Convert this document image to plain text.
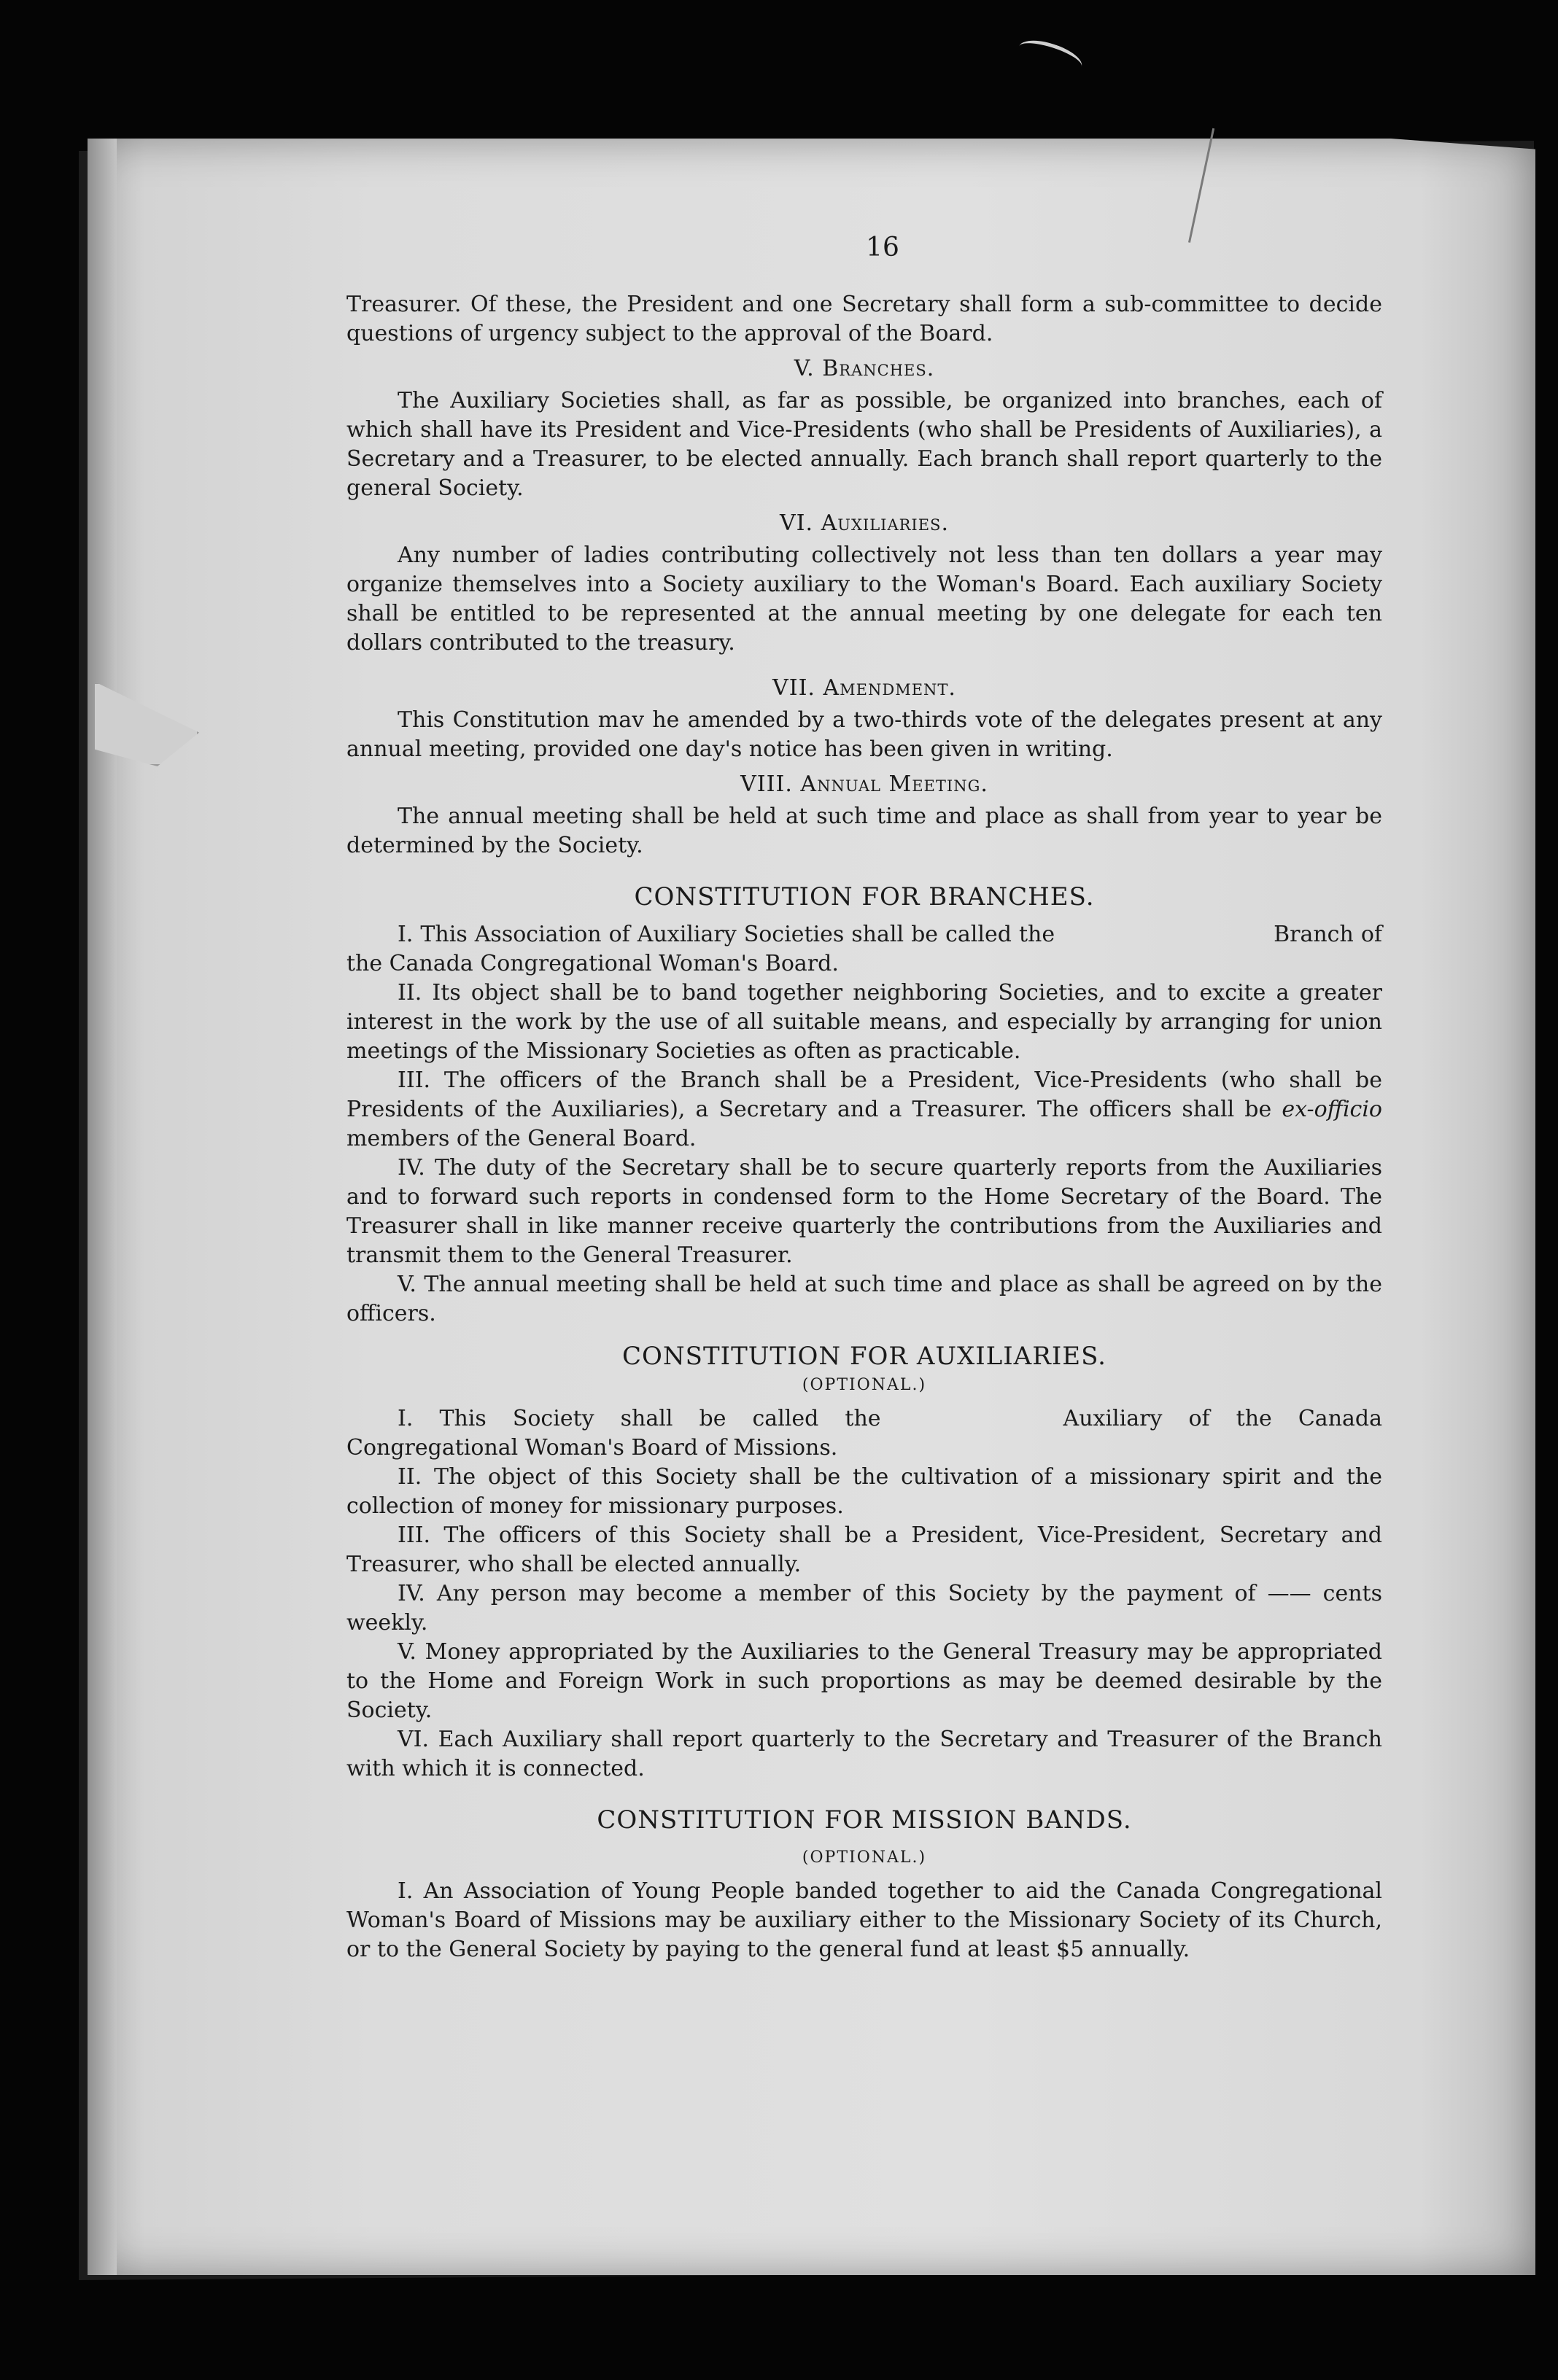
16

Treasurer. Of these, the President and one Secretary shall form a sub-committee to decide questions of urgency subject to the approval of the Board.

V. Branches.

The Auxiliary Societies shall, as far as possible, be organized into branches, each of which shall have its President and Vice-Presidents (who shall be Presidents of Auxiliaries), a Secretary and a Treasurer, to be elected annually. Each branch shall report quarterly to the general Society.

VI. Auxiliaries.

Any number of ladies contributing collectively not less than ten dollars a year may organize themselves into a Society auxiliary to the Woman's Board. Each auxiliary Society shall be entitled to be represented at the annual meeting by one delegate for each ten dollars contributed to the treasury.

VII. Amendment.

This Constitution mav he amended by a two-thirds vote of the delegates present at any annual meeting, provided one day's notice has been given in writing.

VIII. Annual Meeting.

The annual meeting shall be held at such time and place as shall from year to year be determined by the Society.

CONSTITUTION FOR BRANCHES.

I. This Association of Auxiliary Societies shall be called the	Branch of the Canada Congregational Woman's Board.

II. Its object shall be to band together neighboring Societies, and to excite a greater interest in the work by the use of all suitable means, and especially by arranging for union meetings of the Missionary Societies as often as practicable.

III. The officers of the Branch shall be a President, Vice-Presidents (who shall be Presidents of the Auxiliaries), a Secretary and a Treasurer. The officers shall be ex-officio members of the General Board.

IV. The duty of the Secretary shall be to secure quarterly reports from the Auxiliaries and to forward such reports in condensed form to the Home Secretary of the Board. The Treasurer shall in like manner receive quarterly the contributions from the Auxiliaries and transmit them to the General Treasurer.

V. The annual meeting shall be held at such time and place as shall be agreed on by the officers.

CONSTITUTION FOR AUXILIARIES.
(OPTIONAL.)

I. This Society shall be called the	Auxiliary of the Canada Congregational Woman's Board of Missions.

II. The object of this Society shall be the cultivation of a missionary spirit and the collection of money for missionary purposes.

III. The officers of this Society shall be a President, Vice-President, Secretary and Treasurer, who shall be elected annually.

IV. Any person may become a member of this Society by the payment of —— cents weekly.

V. Money appropriated by the Auxiliaries to the General Treasury may be appropriated to the Home and Foreign Work in such proportions as may be deemed desirable by the Society.

VI. Each Auxiliary shall report quarterly to the Secretary and Treasurer of the Branch with which it is connected.

CONSTITUTION FOR MISSION BANDS.
(OPTIONAL.)

I. An Association of Young People banded together to aid the Canada Congregational Woman's Board of Missions may be auxiliary either to the Missionary Society of its Church, or to the General Society by paying to the general fund at least $5 annually.
